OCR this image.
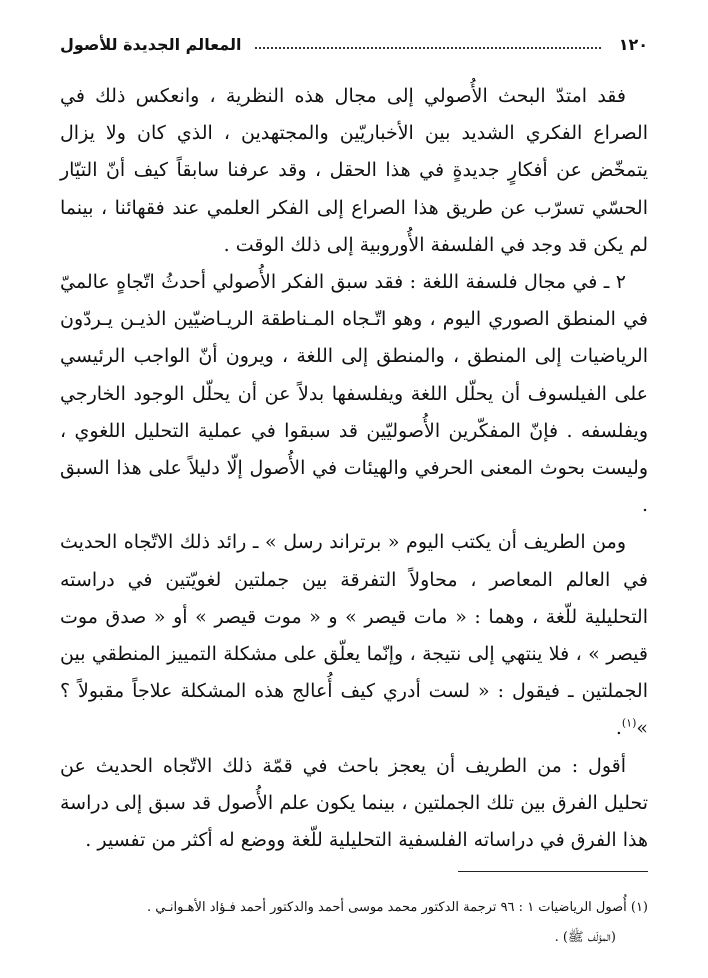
١٢٠
المعالم الجديدة للأصول

فقد امتدّ البحث الأُصولي إلى مجال هذه النظرية ، وانعكس ذلك في الصراع الفكري الشديد بين الأخباريّين والمجتهدين ، الذي كان ولا يزال يتمخّض عن أفكارٍ جديدةٍ في هذا الحقل ، وقد عرفنا سابقاً كيف أنّ التيّار الحسّي تسرّب عن طريق هذا الصراع إلى الفكر العلمي عند فقهائنا ، بينما لم يكن قد وجد في الفلسفة الأُوروبية إلى ذلك الوقت .

٢ ـ في مجال فلسفة اللغة : فقد سبق الفكر الأُصولي أحدثُ اتّجاهٍ عالميّ في المنطق الصوري اليوم ، وهو اتّـجاه المـناطقة الريـاضيّين الذيـن يـردّون الرياضيات إلى المنطق ، والمنطق إلى اللغة ، ويرون أنّ الواجب الرئيسي على الفيلسوف أن يحلّل اللغة ويفلسفها بدلاً عن أن يحلّل الوجود الخارجي ويفلسفه . فإنّ المفكّرين الأُصوليّين قد سبقوا في عملية التحليل اللغوي ، وليست بحوث المعنى الحرفي والهيئات في الأُصول إلّا دليلاً على هذا السبق .

ومن الطريف أن يكتب اليوم « برتراند رسل » ـ رائد ذلك الاتّجاه الحديث في العالم المعاصر ، محاولاً التفرقة بين جملتين لغويّتين في دراسته التحليلية للّغة ، وهما : « مات قيصر » و « موت قيصر » أو « صدق موت قيصر » ، فلا ينتهي إلى نتيجة ، وإنّما يعلّق على مشكلة التمييز المنطقي بين الجملتين ـ فيقول : « لست أدري كيف أُعالج هذه المشكلة علاجاً مقبولاً ؟ »$^{(١)}$.

أقول : من الطريف أن يعجز باحث في قمّة ذلك الاتّجاه الحديث عن تحليل الفرق بين تلك الجملتين ، بينما يكون علم الأُصول قد سبق إلى دراسة هذا الفرق في دراساته الفلسفية التحليلية للّغة ووضع له أكثر من تفسير .

(١) أُصول الرياضيات ١ : ٩٦ ترجمة الدكتور محمد موسى أحمد والدكتور أحمد فـؤاد الأهـوانـي .

(المؤلّف ﷺ) .
